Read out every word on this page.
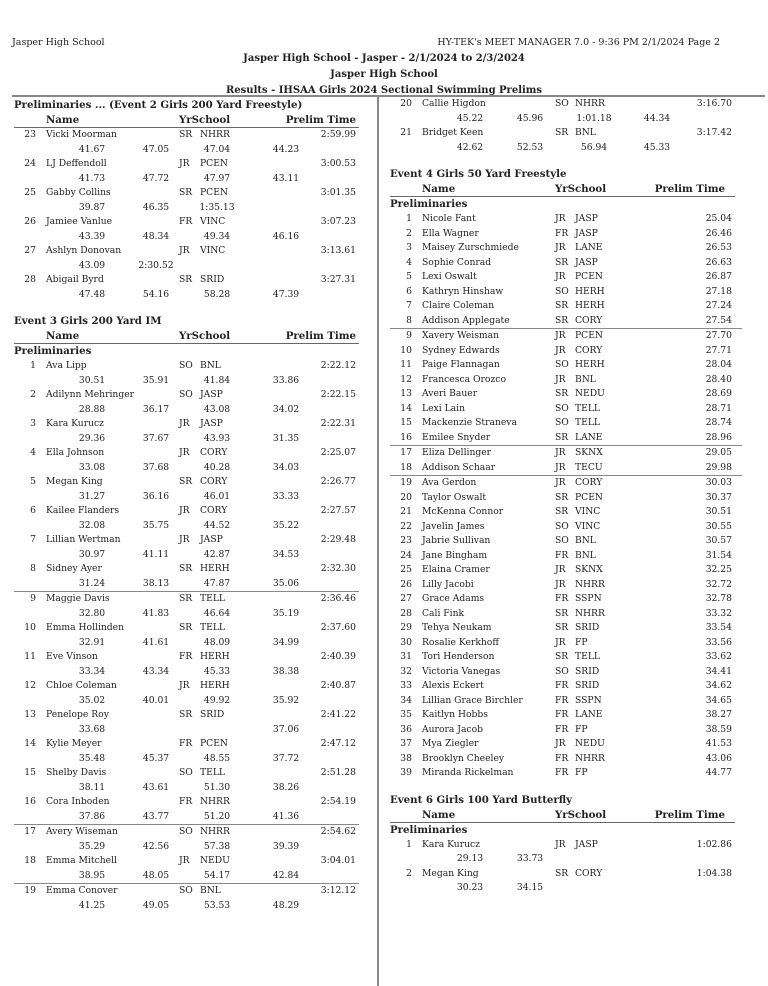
Jasper High School	HY-TEK's MEET MANAGER 7.0 - 9:36 PM 2/1/2024 Page 2
Jasper High School - Jasper - 2/1/2024 to 2/3/2024
Jasper High School
Results - IHSAA Girls 2024 Sectional Swimming Prelims
Preliminaries ... (Event 2 Girls 200 Yard Freestyle)
Name	YrSchool	Prelim Time
23 Vicki Moorman	SR NHRR	2:59.99
41.67	47.05	47.04	44.23
24 LJ Deffendoll	JR PCEN	3:00.53
41.73	47.72	47.97	43.11
25 Gabby Collins	SR PCEN	3:01.35
39.87	46.35	1:35.13
26 Jamiee Vanlue	FR VINC	3:07.23
43.39	48.34	49.34	46.16
27 Ashlyn Donovan	JR VINC	3:13.61
43.09	2:30.52
28 Abigail Byrd	SR SRID	3:27.31
47.48	54.16	58.28	47.39
Event 3 Girls 200 Yard IM
Name	YrSchool	Prelim Time
Preliminaries
1 Ava Lipp	SO BNL	2:22.12
30.51	35.91	41.84	33.86
2 Adilynn Mehringer	SO JASP	2:22.15
28.88	36.17	43.08	34.02
3 Kara Kurucz	JR JASP	2:22.31
29.36	37.67	43.93	31.35
4 Ella Johnson	JR CORY	2:25.07
33.08	37.68	40.28	34.03
5 Megan King	SR CORY	2:26.77
31.27	36.16	46.01	33.33
6 Kailee Flanders	JR CORY	2:27.57
32.08	35.75	44.52	35.22
7 Lillian Wertman	JR JASP	2:29.48
30.97	41.11	42.87	34.53
8 Sidney Ayer	SR HERH	2:32.30
31.24	38.13	47.87	35.06
9 Maggie Davis	SR TELL	2:36.46
32.80	41.83	46.64	35.19
10 Emma Hollinden	SR TELL	2:37.60
32.91	41.61	48.09	34.99
11 Eve Vinson	FR HERH	2:40.39
33.34	43.34	45.33	38.38
12 Chloe Coleman	JR HERH	2:40.87
35.02	40.01	49.92	35.92
13 Penelope Roy	SR SRID	2:41.22
33.68	37.06
14 Kylie Meyer	FR PCEN	2:47.12
35.48	45.37	48.55	37.72
15 Shelby Davis	SO TELL	2:51.28
38.11	43.61	51.30	38.26
16 Cora Inboden	FR NHRR	2:54.19
37.86	43.77	51.20	41.36
17 Avery Wiseman	SO NHRR	2:54.62
35.29	42.56	57.38	39.39
18 Emma Mitchell	JR NEDU	3:04.01
38.95	48.05	54.17	42.84
19 Emma Conover	SO BNL	3:12.12
41.25	49.05	53.53	48.29
20 Callie Higdon	SO NHRR	3:16.70
45.22	45.96	1:01.18	44.34
21 Bridget Keen	SR BNL	3:17.42
42.62	52.53	56.94	45.33
Event 4 Girls 50 Yard Freestyle
Name	YrSchool	Prelim Time
Preliminaries
1 Nicole Fant	JR JASP	25.04
2 Ella Wagner	FR JASP	26.46
3 Maisey Zurschmiede	JR LANE	26.53
4 Sophie Conrad	SR JASP	26.63
5 Lexi Oswalt	JR PCEN	26.87
6 Kathryn Hinshaw	SO HERH	27.18
7 Claire Coleman	SR HERH	27.24
8 Addison Applegate	SR CORY	27.54
9 Xavery Weisman	JR PCEN	27.70
10 Sydney Edwards	JR CORY	27.71
11 Paige Flannagan	SO HERH	28.04
12 Francesca Orozco	JR BNL	28.40
13 Averi Bauer	SR NEDU	28.69
14 Lexi Lain	SO TELL	28.71
15 Mackenzie Straneva	SO TELL	28.74
16 Emilee Snyder	SR LANE	28.96
17 Eliza Dellinger	JR SKNX	29.05
18 Addison Schaar	JR TECU	29.98
19 Ava Gerdon	JR CORY	30.03
20 Taylor Oswalt	SR PCEN	30.37
21 McKenna Connor	SR VINC	30.51
22 Javelin James	SO VINC	30.55
23 Jabrie Sullivan	SO BNL	30.57
24 Jane Bingham	FR BNL	31.54
25 Elaina Cramer	JR SKNX	32.25
26 Lilly Jacobi	JR NHRR	32.72
27 Grace Adams	FR SSPN	32.78
28 Cali Fink	SR NHRR	33.32
29 Tehya Neukam	SR SRID	33.54
30 Rosalie Kerkhoff	JR FP	33.56
31 Tori Henderson	SR TELL	33.62
32 Victoria Vanegas	SO SRID	34.41
33 Alexis Eckert	FR SRID	34.62
34 Lillian Grace Birchler	FR SSPN	34.65
35 Kaitlyn Hobbs	FR LANE	38.27
36 Aurora Jacob	FR FP	38.59
37 Mya Ziegler	JR NEDU	41.53
38 Brooklyn Cheeley	FR NHRR	43.06
39 Miranda Rickelman	FR FP	44.77
Event 6 Girls 100 Yard Butterfly
Name	YrSchool	Prelim Time
Preliminaries
1 Kara Kurucz	JR JASP	1:02.86
29.13	33.73
2 Megan King	SR CORY	1:04.38
30.23	34.15
